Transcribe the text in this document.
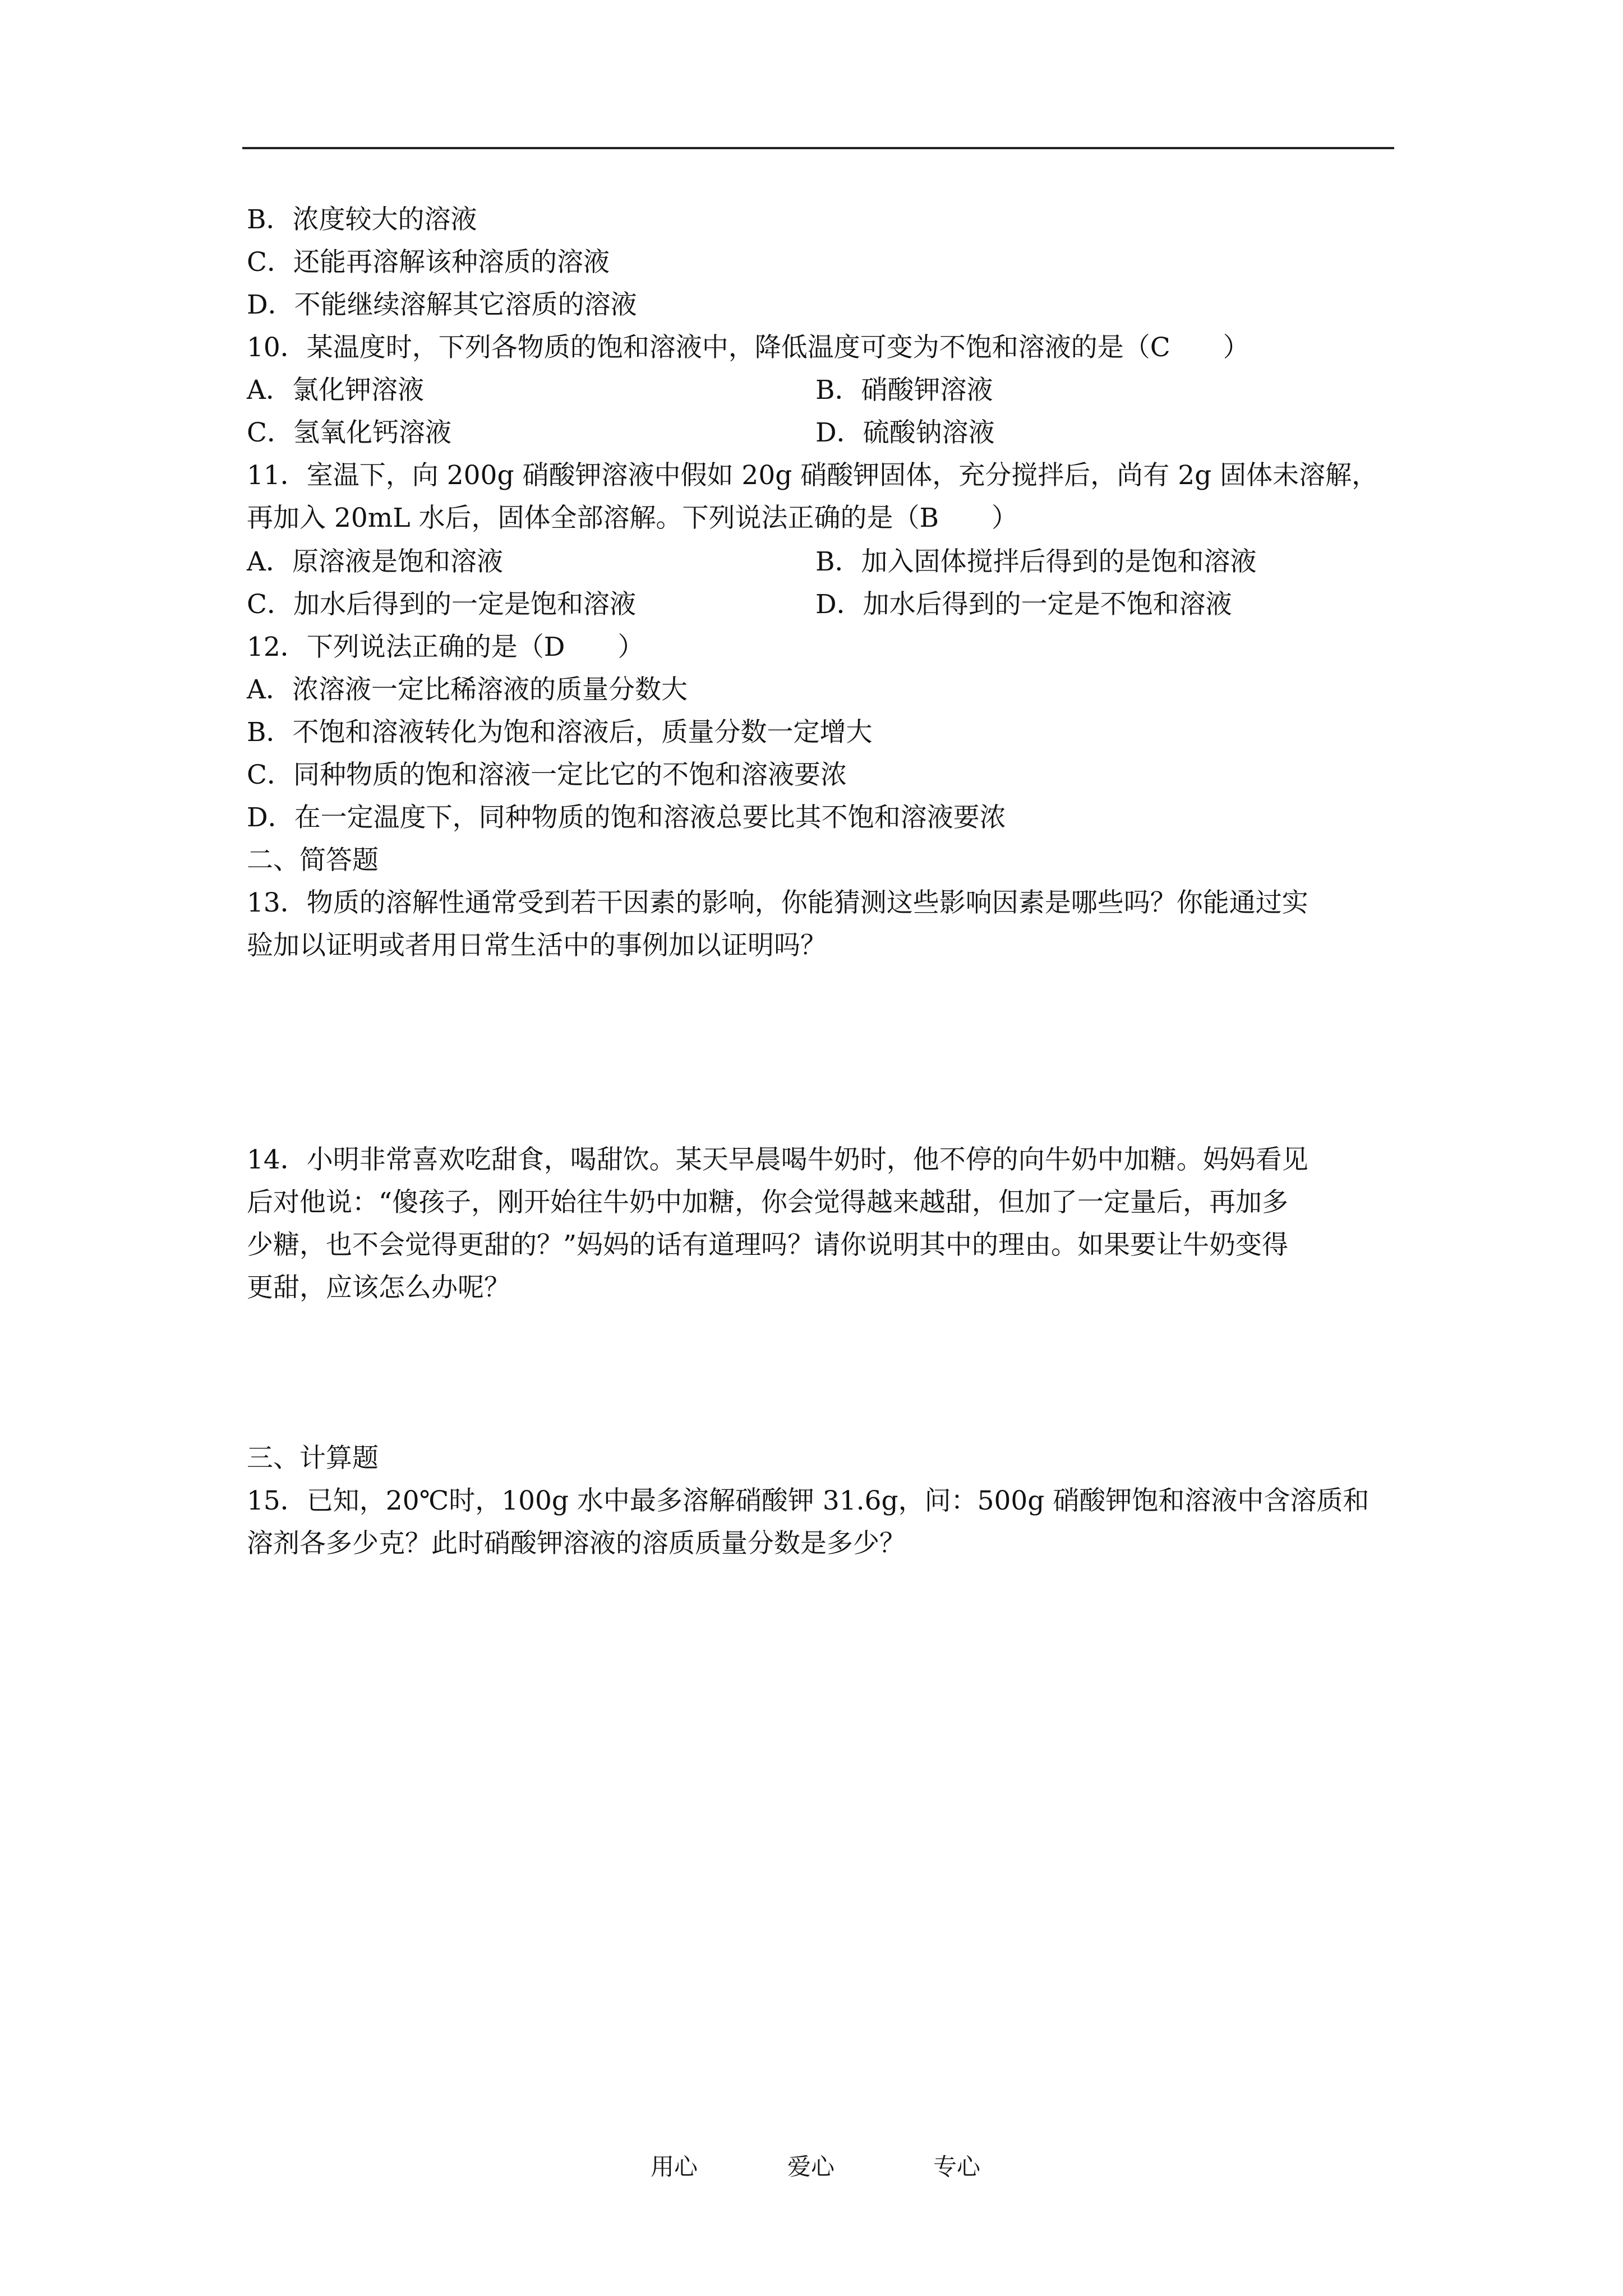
B．浓度较大的溶液
C．还能再溶解该种溶质的溶液
D．不能继续溶解其它溶质的溶液
10．某温度时，下列各物质的饱和溶液中，降低温度可变为不饱和溶液的是（C　　）
A．氯化钾溶液	B．硝酸钾溶液
C．氢氧化钙溶液	D．硫酸钠溶液
11．室温下，向 200g 硝酸钾溶液中假如 20g 硝酸钾固体，充分搅拌后，尚有 2g 固体未溶解，
再加入 20mL 水后，固体全部溶解。下列说法正确的是（B　　）
A．原溶液是饱和溶液	B．加入固体搅拌后得到的是饱和溶液
C．加水后得到的一定是饱和溶液	D．加水后得到的一定是不饱和溶液
12．下列说法正确的是（D　　）
A．浓溶液一定比稀溶液的质量分数大
B．不饱和溶液转化为饱和溶液后，质量分数一定增大
C．同种物质的饱和溶液一定比它的不饱和溶液要浓
D．在一定温度下，同种物质的饱和溶液总要比其不饱和溶液要浓
二、简答题
13．物质的溶解性通常受到若干因素的影响，你能猜测这些影响因素是哪些吗？你能通过实
验加以证明或者用日常生活中的事例加以证明吗？
14．小明非常喜欢吃甜食，喝甜饮。某天早晨喝牛奶时，他不停的向牛奶中加糖。妈妈看见
后对他说：“傻孩子，刚开始往牛奶中加糖，你会觉得越来越甜，但加了一定量后，再加多
少糖，也不会觉得更甜的？”妈妈的话有道理吗？请你说明其中的理由。如果要让牛奶变得
更甜，应该怎么办呢？
三、计算题
15．已知，20℃时，100g 水中最多溶解硝酸钾 31.6g，问：500g 硝酸钾饱和溶液中含溶质和
溶剂各多少克？此时硝酸钾溶液的溶质质量分数是多少？
用心	爱心	专心
